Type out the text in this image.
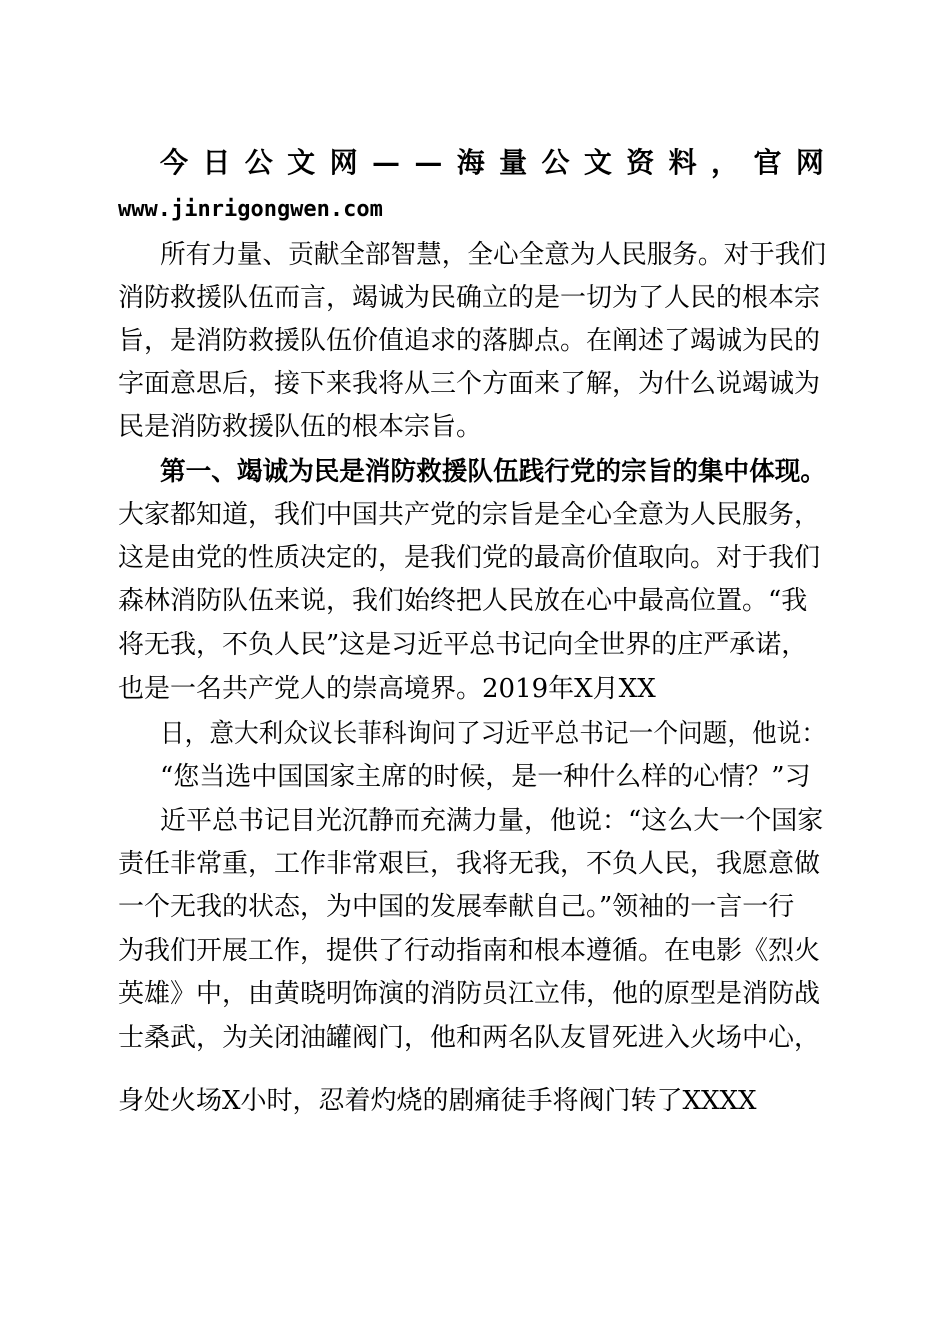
今 日 公 文 网 — — 海 量 公 文 资 料 ， 官 网
www.jinrigongwen.com
所有力量、贡献全部智慧，全心全意为人民服务。对于我们
消防救援队伍而言，竭诚为民确立的是一切为了人民的根本宗
旨，是消防救援队伍价值追求的落脚点。在阐述了竭诚为民的
字面意思后，接下来我将从三个方面来了解，为什么说竭诚为
民是消防救援队伍的根本宗旨。
第一、竭诚为民是消防救援队伍践行党的宗旨的集中体现。
大家都知道，我们中国共产党的宗旨是全心全意为人民服务，
这是由党的性质决定的，是我们党的最高价值取向。对于我们
森林消防队伍来说，我们始终把人民放在心中最高位置。“我
将无我，不负人民”这是习近平总书记向全世界的庄严承诺，
也是一名共产党人的崇高境界。2019年X月XX
日，意大利众议长菲科询问了习近平总书记一个问题，他说：
“您当选中国国家主席的时候，是一种什么样的心情？”习
近平总书记目光沉静而充满力量，他说：“这么大一个国家
责任非常重，工作非常艰巨，我将无我，不负人民，我愿意做
一个无我的状态，为中国的发展奉献自己。”领袖的一言一行
为我们开展工作，提供了行动指南和根本遵循。在电影《烈火
英雄》中，由黄晓明饰演的消防员江立伟，他的原型是消防战
士桑武，为关闭油罐阀门，他和两名队友冒死进入火场中心，
身处火场X小时，忍着灼烧的剧痛徒手将阀门转了XXXX
